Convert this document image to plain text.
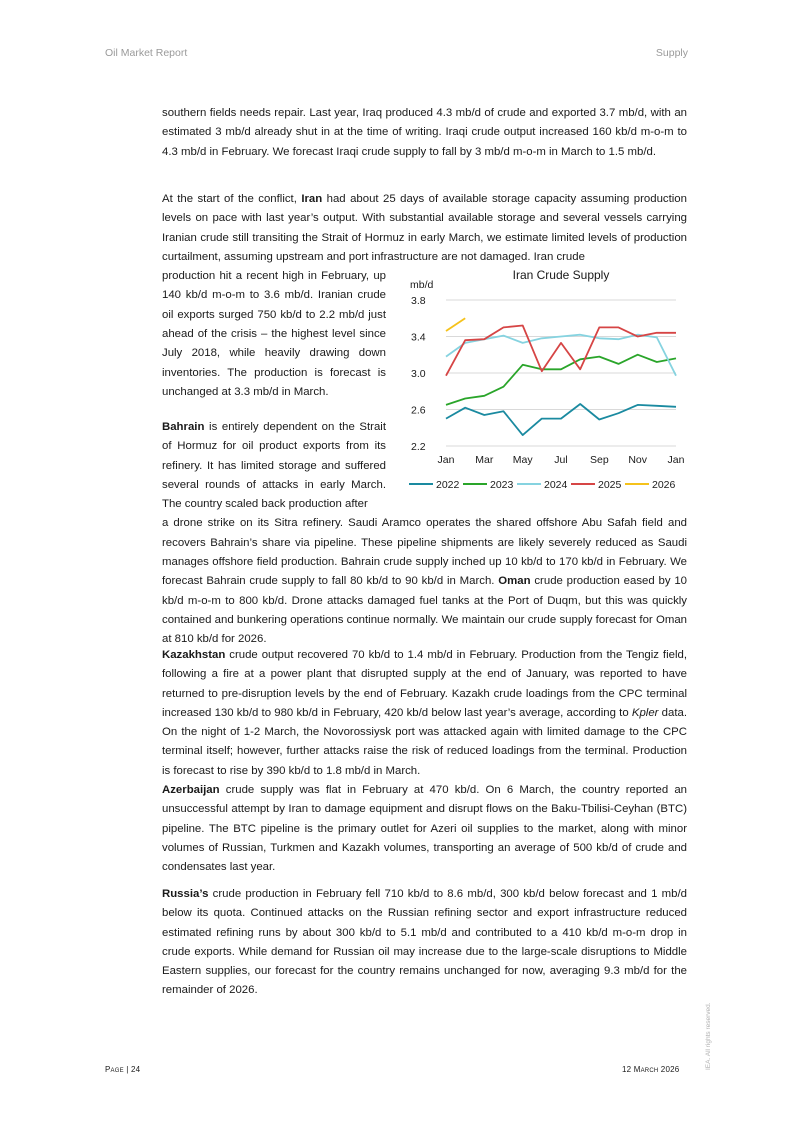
Oil Market Report	Supply

southern fields needs repair. Last year, Iraq produced 4.3 mb/d of crude and exported 3.7 mb/d, with an estimated 3 mb/d already shut in at the time of writing. Iraqi crude output increased 160 kb/d m-o-m to 4.3 mb/d in February. We forecast Iraqi crude supply to fall by 3 mb/d m-o-m in March to 1.5 mb/d.

At the start of the conflict, Iran had about 25 days of available storage capacity assuming production levels on pace with last year’s output. With substantial available storage and several vessels carrying Iranian crude still transiting the Strait of Hormuz in early March, we estimate limited levels of production curtailment, assuming upstream and port infrastructure are not damaged. Iran crude

production hit a recent high in February, up 140 kb/d m-o-m to 3.6 mb/d. Iranian crude oil exports surged 750 kb/d to 2.2 mb/d just ahead of the crisis – the highest level since July 2018, while heavily drawing down inventories. The production is forecast is unchanged at 3.3 mb/d in March.

Bahrain is entirely dependent on the Strait of Hormuz for oil product exports from its refinery. It has limited storage and suffered several rounds of attacks in early March. The country scaled back production after

a drone strike on its Sitra refinery. Saudi Aramco operates the shared offshore Abu Safah field and recovers Bahrain’s share via pipeline. These pipeline shipments are likely severely reduced as Saudi manages offshore field production. Bahrain crude supply inched up 10 kb/d to 170 kb/d in February. We forecast Bahrain crude supply to fall 80 kb/d to 90 kb/d in March. Oman crude production eased by 10 kb/d m-o-m to 800 kb/d. Drone attacks damaged fuel tanks at the Port of Duqm, but this was quickly contained and bunkering operations continue normally. We maintain our crude supply forecast for Oman at 810 kb/d for 2026.

Kazakhstan crude output recovered 70 kb/d to 1.4 mb/d in February. Production from the Tengiz field, following a fire at a power plant that disrupted supply at the end of January, was reported to have returned to pre-disruption levels by the end of February. Kazakh crude loadings from the CPC terminal increased 130 kb/d to 980 kb/d in February, 420 kb/d below last year’s average, according to Kpler data. On the night of 1-2 March, the Novorossiysk port was attacked again with limited damage to the CPC terminal itself; however, further attacks raise the risk of reduced loadings from the terminal. Production is forecast to rise by 390 kb/d to 1.8 mb/d in March.

Azerbaijan crude supply was flat in February at 470 kb/d. On 6 March, the country reported an unsuccessful attempt by Iran to damage equipment and disrupt flows on the Baku-Tbilisi-Ceyhan (BTC) pipeline. The BTC pipeline is the primary outlet for Azeri oil supplies to the market, along with minor volumes of Russian, Turkmen and Kazakh volumes, transporting an average of 500 kb/d of crude and condensates last year.

Russia’s crude production in February fell 710 kb/d to 8.6 mb/d, 300 kb/d below forecast and 1 mb/d below its quota. Continued attacks on the Russian refining sector and export infrastructure reduced estimated refining runs by about 300 kb/d to 5.1 mb/d and contributed to a 410 kb/d m-o-m drop in crude exports. While demand for Russian oil may increase due to the large-scale disruptions to Middle Eastern supplies, our forecast for the country remains unchanged for now, averaging 9.3 mb/d for the remainder of 2026.

Iran Crude Supply
mb/d
2.2
2.6
3.0
3.4
3.8
Jan Mar May Jul Sep Nov Jan
2022	2023	2024	2025	2026
Page | 24	12 March 2026	IEA. All rights reserved.
